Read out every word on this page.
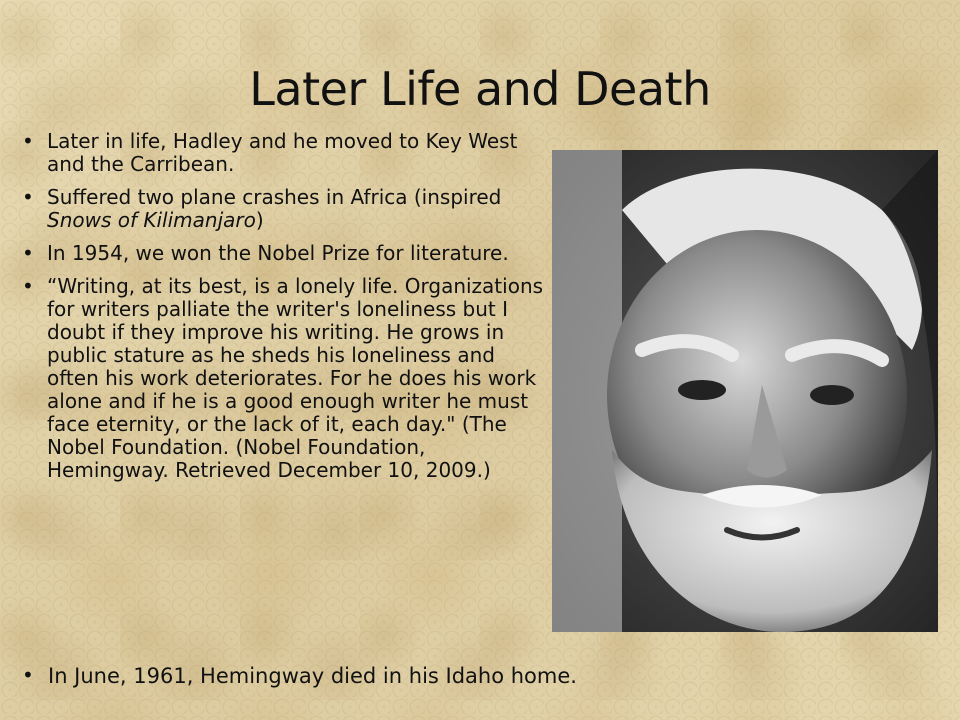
Later Life and Death
• Later in life, Hadley and he moved to Key West and the Carribean.
• Suffered two plane crashes in Africa (inspired Snows of Kilimanjaro)
• In 1954, we won the Nobel Prize for literature.
• “Writing, at its best, is a lonely life. Organizations for writers palliate the writer's loneliness but I doubt if they improve his writing. He grows in public stature as he sheds his loneliness and often his work deteriorates. For he does his work alone and if he is a good enough writer he must face eternity, or the lack of it, each day." (The Nobel Foundation. (Nobel Foundation, Hemingway. Retrieved December 10, 2009.)
• In June, 1961, Hemingway died in his Idaho home.
